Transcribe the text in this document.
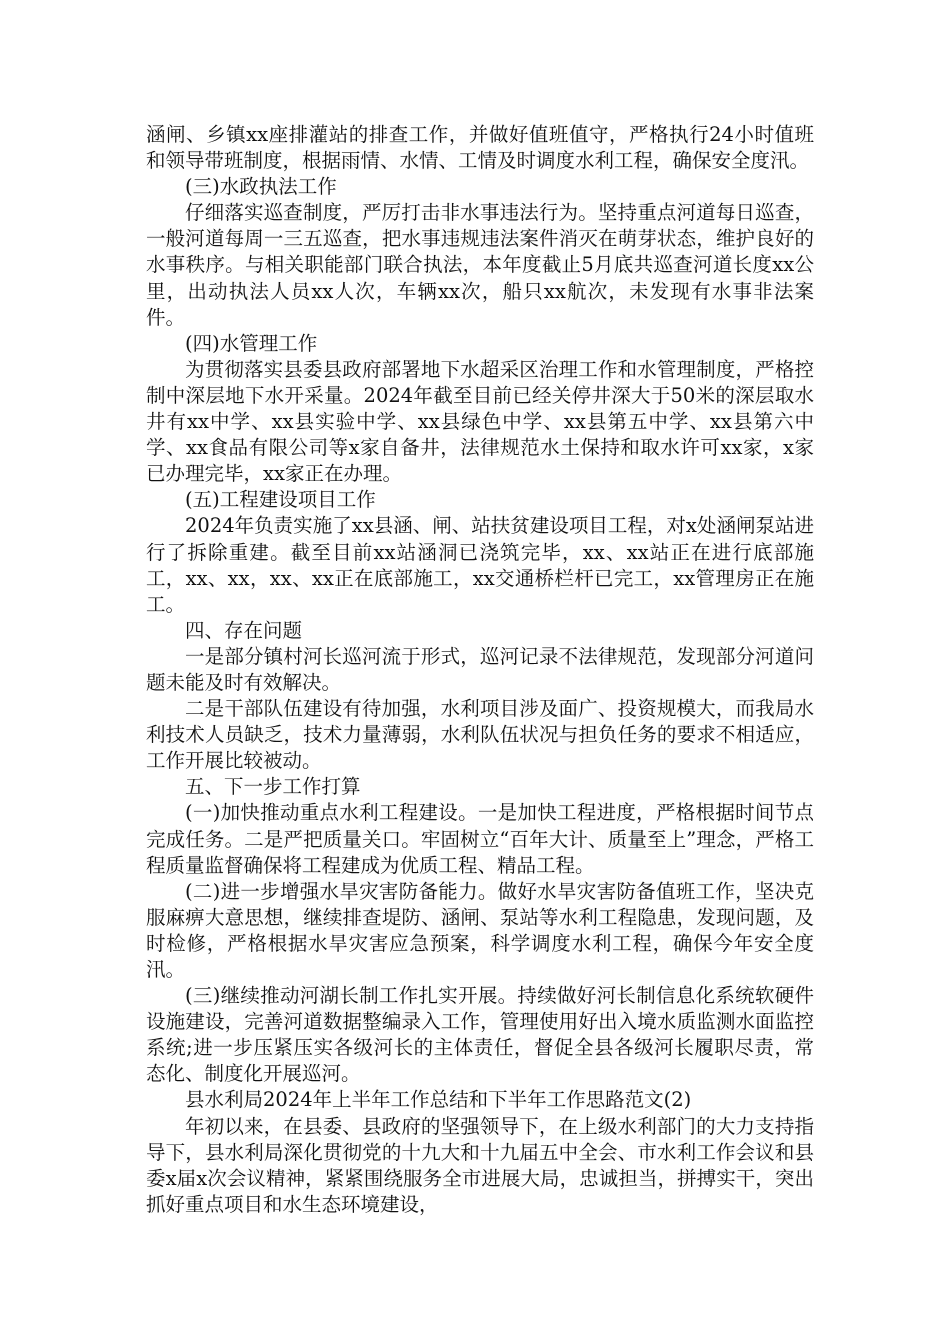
涵闸、乡镇xx座排灌站的排查工作，并做好值班值守，严格执行24小时值班和领导带班制度，根据雨情、水情、工情及时调度水利工程，确保安全度汛。

(三)水政执法工作

仔细落实巡查制度，严厉打击非水事违法行为。坚持重点河道每日巡查，一般河道每周一三五巡查，把水事违规违法案件消灭在萌芽状态，维护良好的水事秩序。与相关职能部门联合执法，本年度截止5月底共巡查河道长度xx公里，出动执法人员xx人次，车辆xx次，船只xx航次，未发现有水事非法案件。

(四)水管理工作

为贯彻落实县委县政府部署地下水超采区治理工作和水管理制度，严格控制中深层地下水开采量。2024年截至目前已经关停井深大于50米的深层取水井有xx中学、xx县实验中学、xx县绿色中学、xx县第五中学、xx县第六中学、xx食品有限公司等x家自备井，法律规范水土保持和取水许可xx家，x家已办理完毕，xx家正在办理。

(五)工程建设项目工作

2024年负责实施了xx县涵、闸、站扶贫建设项目工程，对x处涵闸泵站进行了拆除重建。截至目前xx站涵洞已浇筑完毕，xx、xx站正在进行底部施工，xx、xx，xx、xx正在底部施工，xx交通桥栏杆已完工，xx管理房正在施工。

四、存在问题

一是部分镇村河长巡河流于形式，巡河记录不法律规范，发现部分河道问题未能及时有效解决。

二是干部队伍建设有待加强，水利项目涉及面广、投资规模大，而我局水利技术人员缺乏，技术力量薄弱，水利队伍状况与担负任务的要求不相适应，工作开展比较被动。

五、下一步工作打算

(一)加快推动重点水利工程建设。一是加快工程进度，严格根据时间节点完成任务。二是严把质量关口。牢固树立“百年大计、质量至上”理念，严格工程质量监督确保将工程建成为优质工程、精品工程。

(二)进一步增强水旱灾害防备能力。做好水旱灾害防备值班工作，坚决克服麻痹大意思想，继续排查堤防、涵闸、泵站等水利工程隐患，发现问题，及时检修，严格根据水旱灾害应急预案，科学调度水利工程，确保今年安全度汛。

(三)继续推动河湖长制工作扎实开展。持续做好河长制信息化系统软硬件设施建设，完善河道数据整编录入工作，管理使用好出入境水质监测水面监控系统;进一步压紧压实各级河长的主体责任，督促全县各级河长履职尽责，常态化、制度化开展巡河。

县水利局2024年上半年工作总结和下半年工作思路范文(2)

年初以来，在县委、县政府的坚强领导下，在上级水利部门的大力支持指导下，县水利局深化贯彻党的十九大和十九届五中全会、市水利工作会议和县委x届x次会议精神，紧紧围绕服务全市进展大局，忠诚担当，拼搏实干，突出抓好重点项目和水生态环境建设，
